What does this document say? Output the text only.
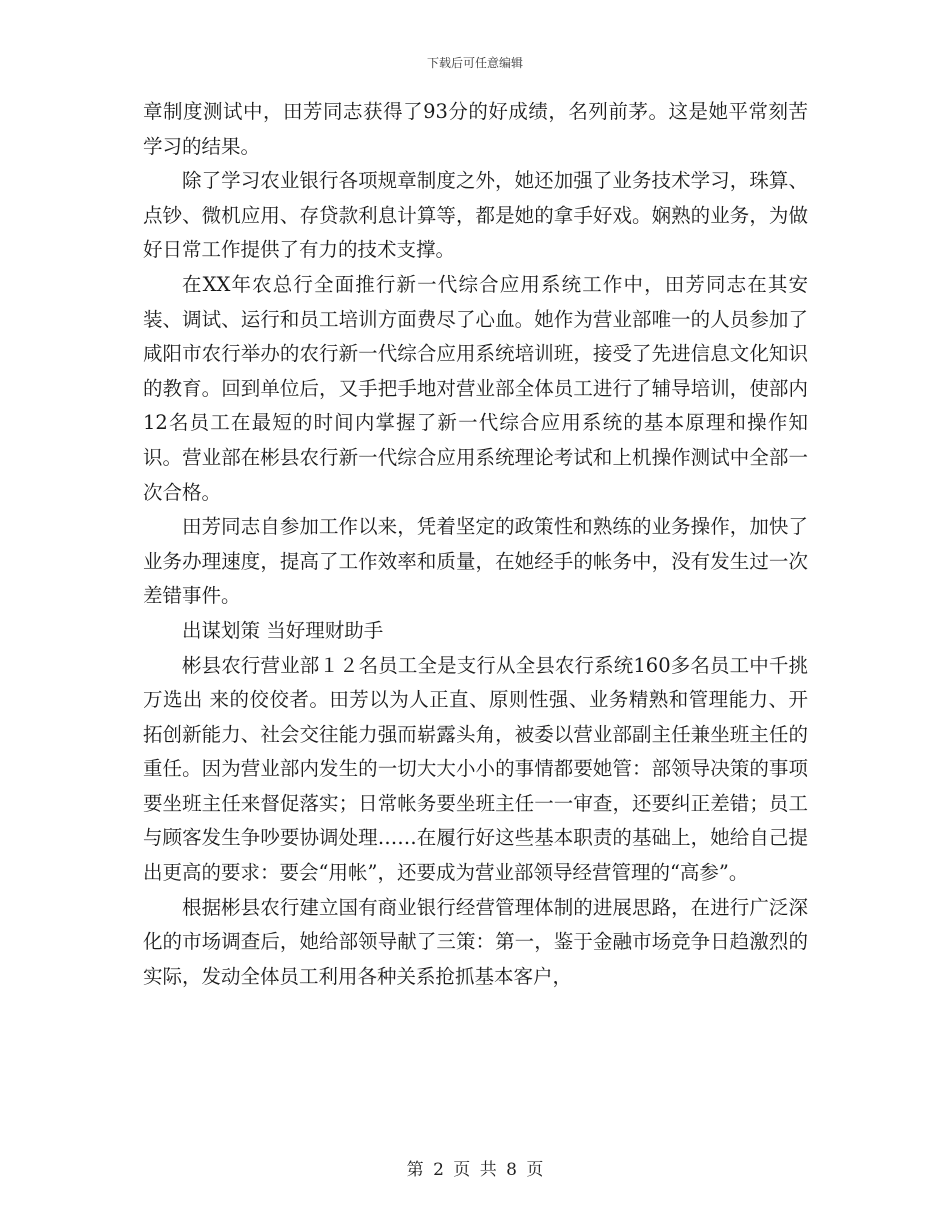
下载后可任意编辑

章制度测试中，田芳同志获得了93分的好成绩，名列前茅。这是她平常刻苦学习的结果。

除了学习农业银行各项规章制度之外，她还加强了业务技术学习，珠算、点钞、微机应用、存贷款利息计算等，都是她的拿手好戏。娴熟的业务，为做好日常工作提供了有力的技术支撑。

在XX年农总行全面推行新一代综合应用系统工作中，田芳同志在其安装、调试、运行和员工培训方面费尽了心血。她作为营业部唯一的人员参加了咸阳市农行举办的农行新一代综合应用系统培训班，接受了先进信息文化知识的教育。回到单位后，又手把手地对营业部全体员工进行了辅导培训，使部内12名员工在最短的时间内掌握了新一代综合应用系统的基本原理和操作知识。营业部在彬县农行新一代综合应用系统理论考试和上机操作测试中全部一次合格。

田芳同志自参加工作以来，凭着坚定的政策性和熟练的业务操作，加快了业务办理速度，提高了工作效率和质量，在她经手的帐务中，没有发生过一次差错事件。

出谋划策 当好理财助手

彬县农行营业部１２名员工全是支行从全县农行系统160多名员工中千挑万选出 来的佼佼者。田芳以为人正直、原则性强、业务精熟和管理能力、开拓创新能力、社会交往能力强而崭露头角，被委以营业部副主任兼坐班主任的重任。因为营业部内发生的一切大大小小的事情都要她管：部领导决策的事项要坐班主任来督促落实；日常帐务要坐班主任一一审查，还要纠正差错；员工与顾客发生争吵要协调处理……在履行好这些基本职责的基础上，她给自己提出更高的要求：要会“用帐”，还要成为营业部领导经营管理的“高参”。

根据彬县农行建立国有商业银行经营管理体制的进展思路，在进行广泛深化的市场调查后，她给部领导献了三策：第一，鉴于金融市场竞争日趋激烈的实际，发动全体员工利用各种关系抢抓基本客户，

第 2 页 共 8 页
